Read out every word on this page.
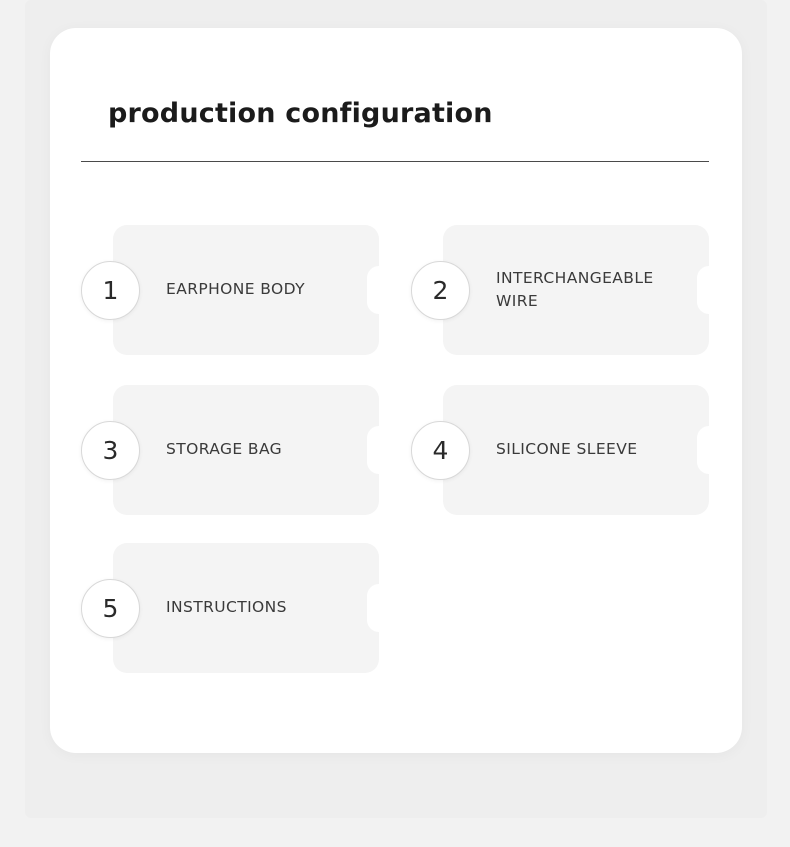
production configuration
1	EARPHONE BODY	2	INTERCHANGEABLE WIRE
3	STORAGE BAG	4	SILICONE SLEEVE
5	INSTRUCTIONS
